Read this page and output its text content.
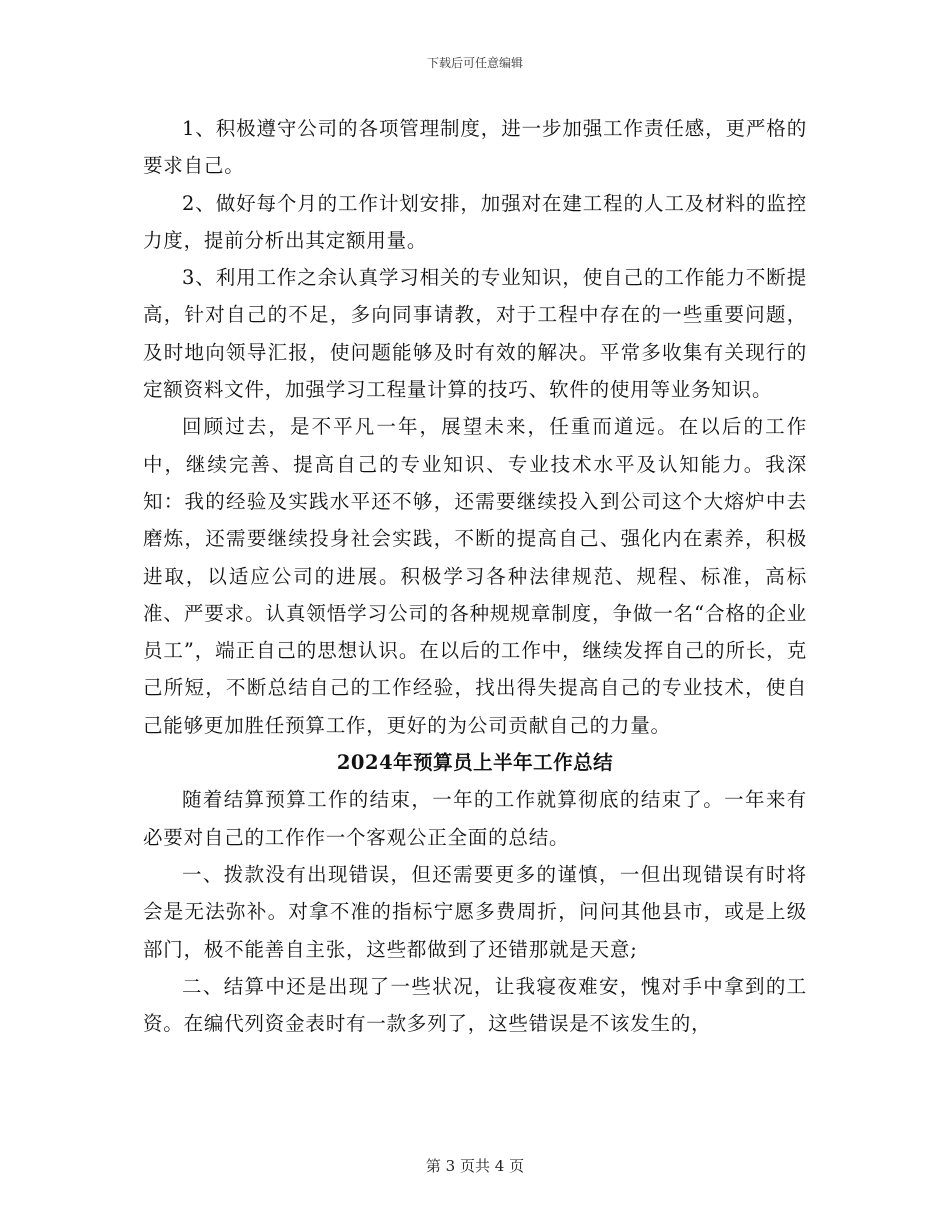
下载后可任意编辑

1、积极遵守公司的各项管理制度，进一步加强工作责任感，更严格的要求自己。

2、做好每个月的工作计划安排，加强对在建工程的人工及材料的监控力度，提前分析出其定额用量。

3、利用工作之余认真学习相关的专业知识，使自己的工作能力不断提高，针对自己的不足，多向同事请教，对于工程中存在的一些重要问题，及时地向领导汇报，使问题能够及时有效的解决。平常多收集有关现行的定额资料文件，加强学习工程量计算的技巧、软件的使用等业务知识。

回顾过去，是不平凡一年，展望未来，任重而道远。在以后的工作中，继续完善、提高自己的专业知识、专业技术水平及认知能力。我深知：我的经验及实践水平还不够，还需要继续投入到公司这个大熔炉中去磨炼，还需要继续投身社会实践，不断的提高自己、强化内在素养，积极进取，以适应公司的进展。积极学习各种法律规范、规程、标准，高标准、严要求。认真领悟学习公司的各种规规章制度，争做一名“合格的企业员工”，端正自己的思想认识。在以后的工作中，继续发挥自己的所长，克己所短，不断总结自己的工作经验，找出得失提高自己的专业技术，使自己能够更加胜任预算工作，更好的为公司贡献自己的力量。

2024年预算员上半年工作总结

随着结算预算工作的结束，一年的工作就算彻底的结束了。一年来有必要对自己的工作作一个客观公正全面的总结。

一、拨款没有出现错误，但还需要更多的谨慎，一但出现错误有时将会是无法弥补。对拿不准的指标宁愿多费周折，问问其他县市，或是上级部门，极不能善自主张，这些都做到了还错那就是天意;

二、结算中还是出现了一些状况，让我寝夜难安，愧对手中拿到的工资。在编代列资金表时有一款多列了，这些错误是不该发生的，

第 3 页共 4 页
